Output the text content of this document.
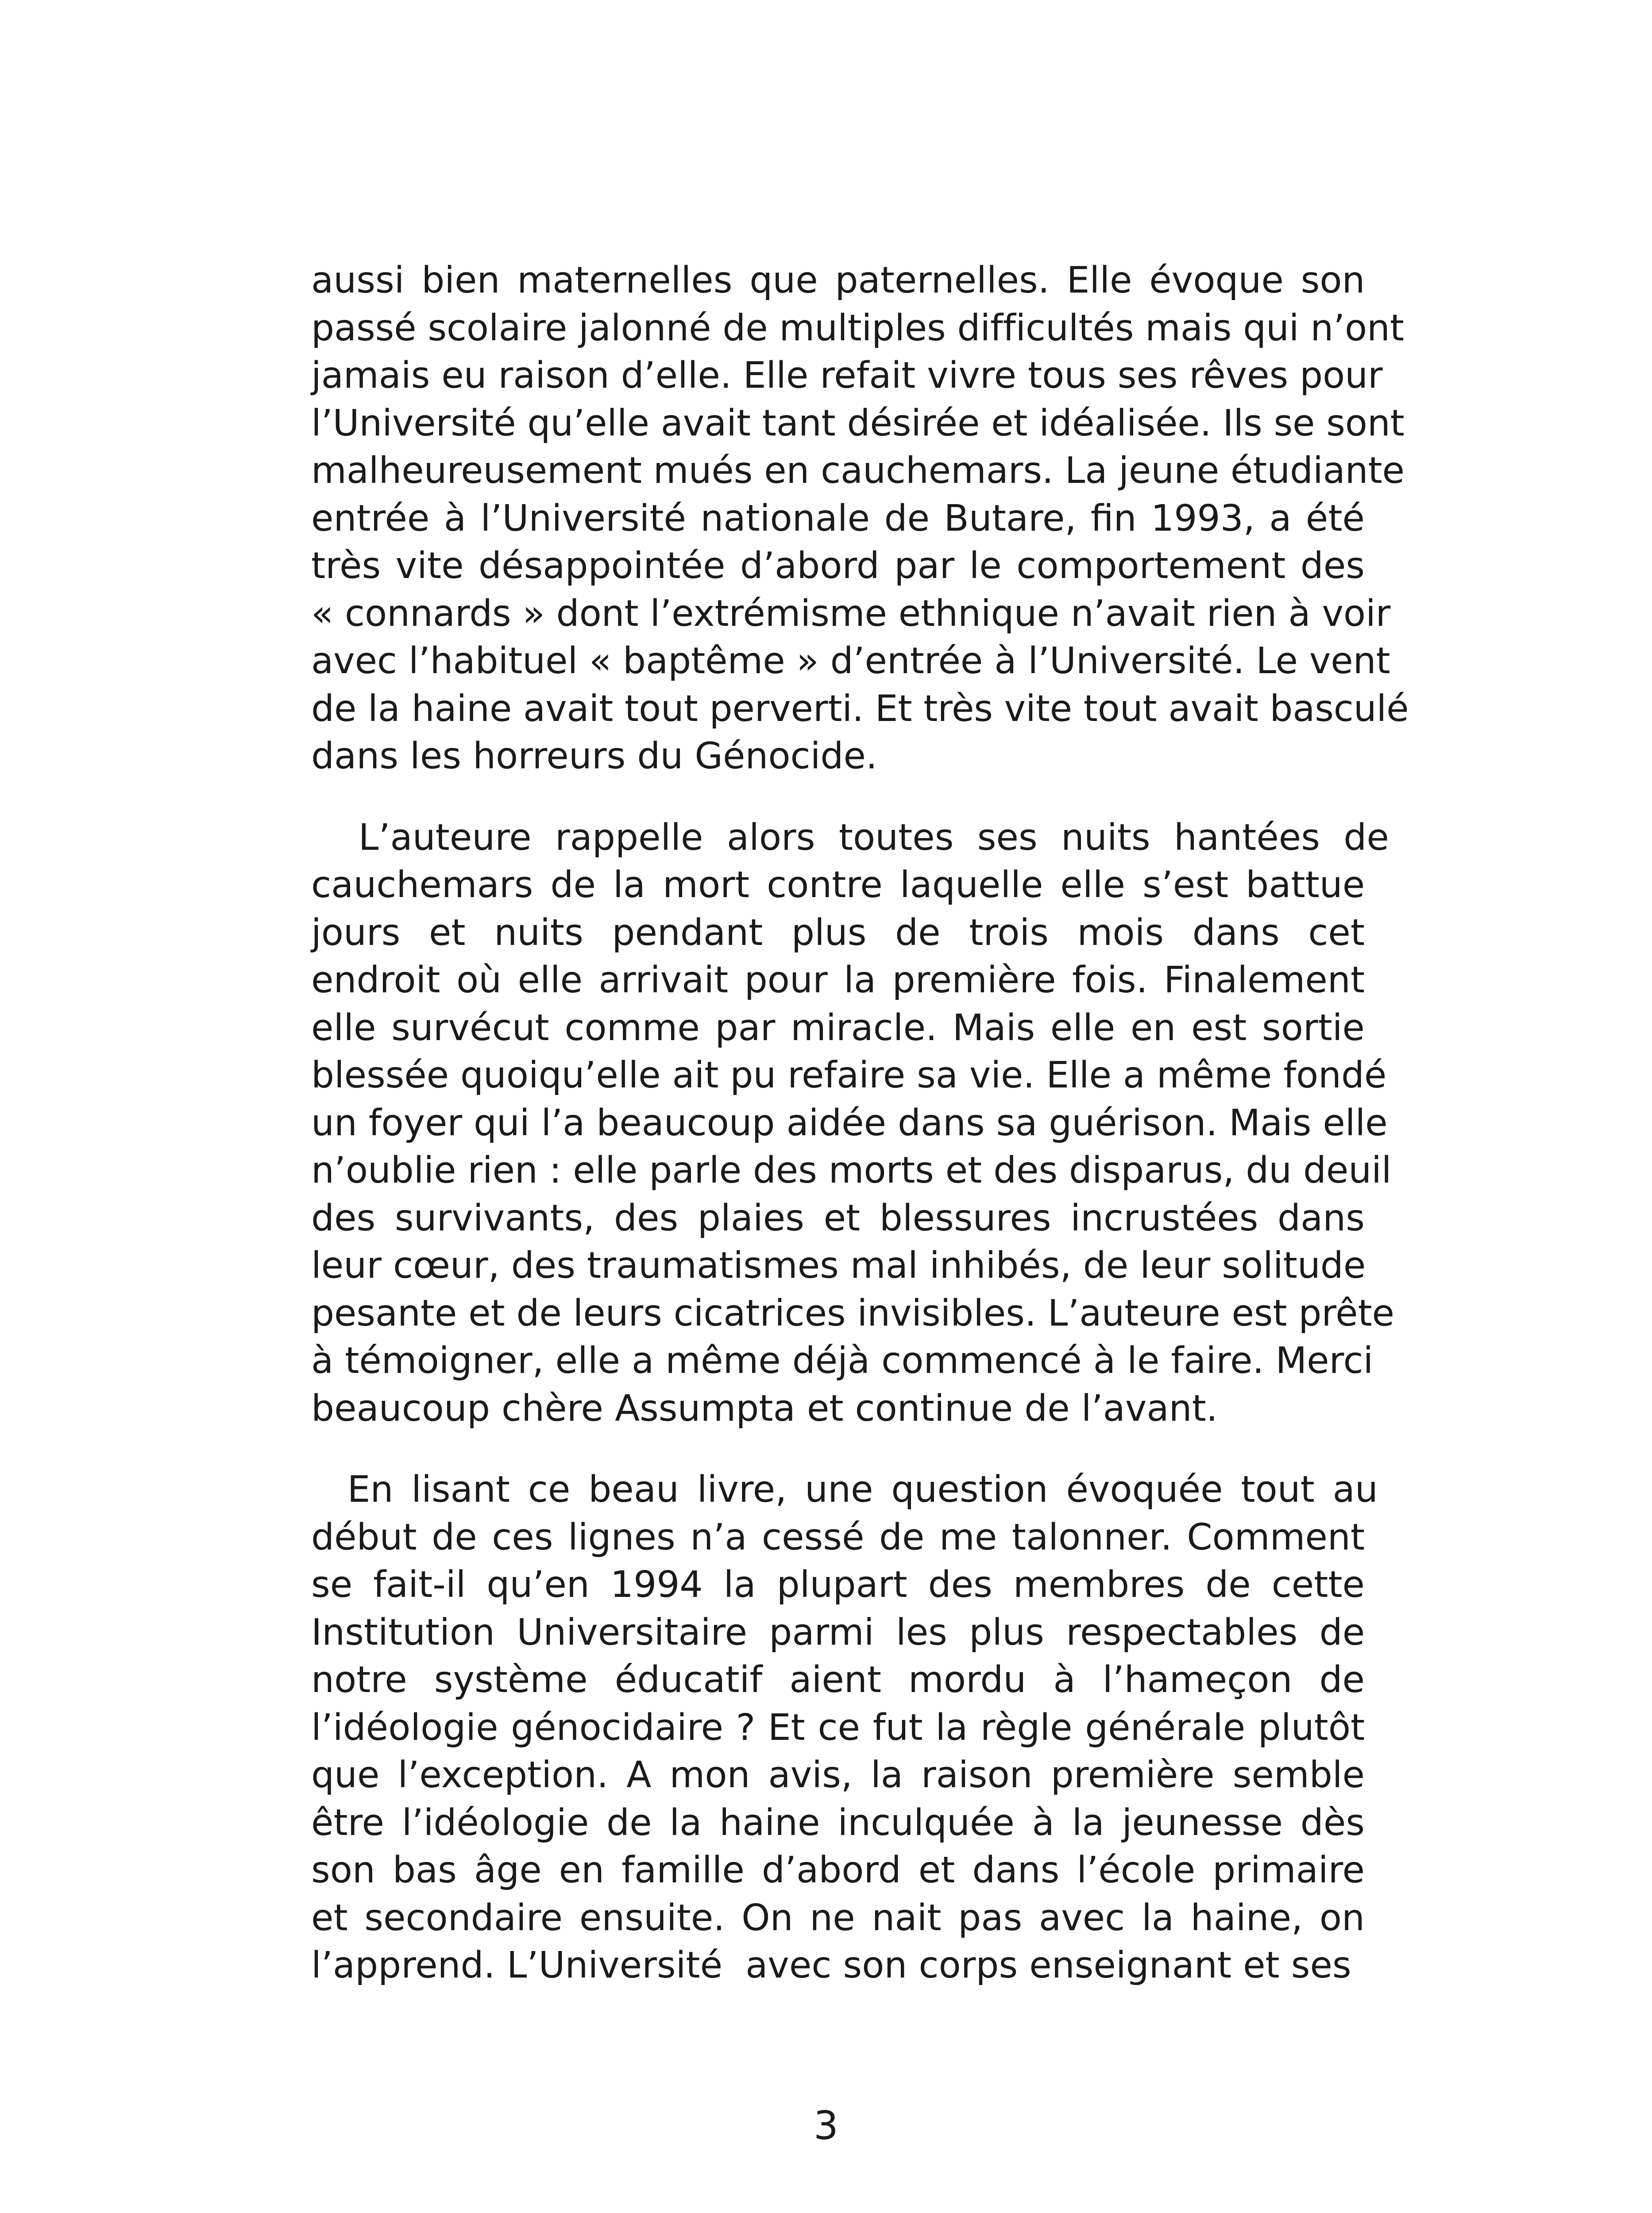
aussi bien maternelles que paternelles. Elle évoque son
passé scolaire jalonné de multiples difficultés mais qui n’ont
jamais eu raison d’elle. Elle refait vivre tous ses rêves pour
l’Université qu’elle avait tant désirée et idéalisée. Ils se sont
malheureusement mués en cauchemars. La jeune étudiante
entrée à l’Université nationale de Butare, fin 1993, a été
très vite désappointée d’abord par le comportement des
« connards » dont l’extrémisme ethnique n’avait rien à voir
avec l’habituel « baptême » d’entrée à l’Université. Le vent
de la haine avait tout perverti. Et très vite tout avait basculé
dans les horreurs du Génocide.
L’auteure rappelle alors toutes ses nuits hantées de
cauchemars de la mort contre laquelle elle s’est battue
jours et nuits pendant plus de trois mois dans cet
endroit où elle arrivait pour la première fois. Finalement
elle survécut comme par miracle. Mais elle en est sortie
blessée quoiqu’elle ait pu refaire sa vie. Elle a même fondé
un foyer qui l’a beaucoup aidée dans sa guérison. Mais elle
n’oublie rien : elle parle des morts et des disparus, du deuil
des survivants, des plaies et blessures incrustées dans
leur cœur, des traumatismes mal inhibés, de leur solitude
pesante et de leurs cicatrices invisibles. L’auteure est prête
à témoigner, elle a même déjà commencé à le faire. Merci
beaucoup chère Assumpta et continue de l’avant.
En lisant ce beau livre, une question évoquée tout au
début de ces lignes n’a cessé de me talonner. Comment
se fait-il qu’en 1994 la plupart des membres de cette
Institution Universitaire parmi les plus respectables de
notre système éducatif aient mordu à l’hameçon de
l’idéologie génocidaire ? Et ce fut la règle générale plutôt
que l’exception. A mon avis, la raison première semble
être l’idéologie de la haine inculquée à la jeunesse dès
son bas âge en famille d’abord et dans l’école primaire
et secondaire ensuite. On ne nait pas avec la haine, on
l’apprend. L’Université  avec son corps enseignant et ses
3
